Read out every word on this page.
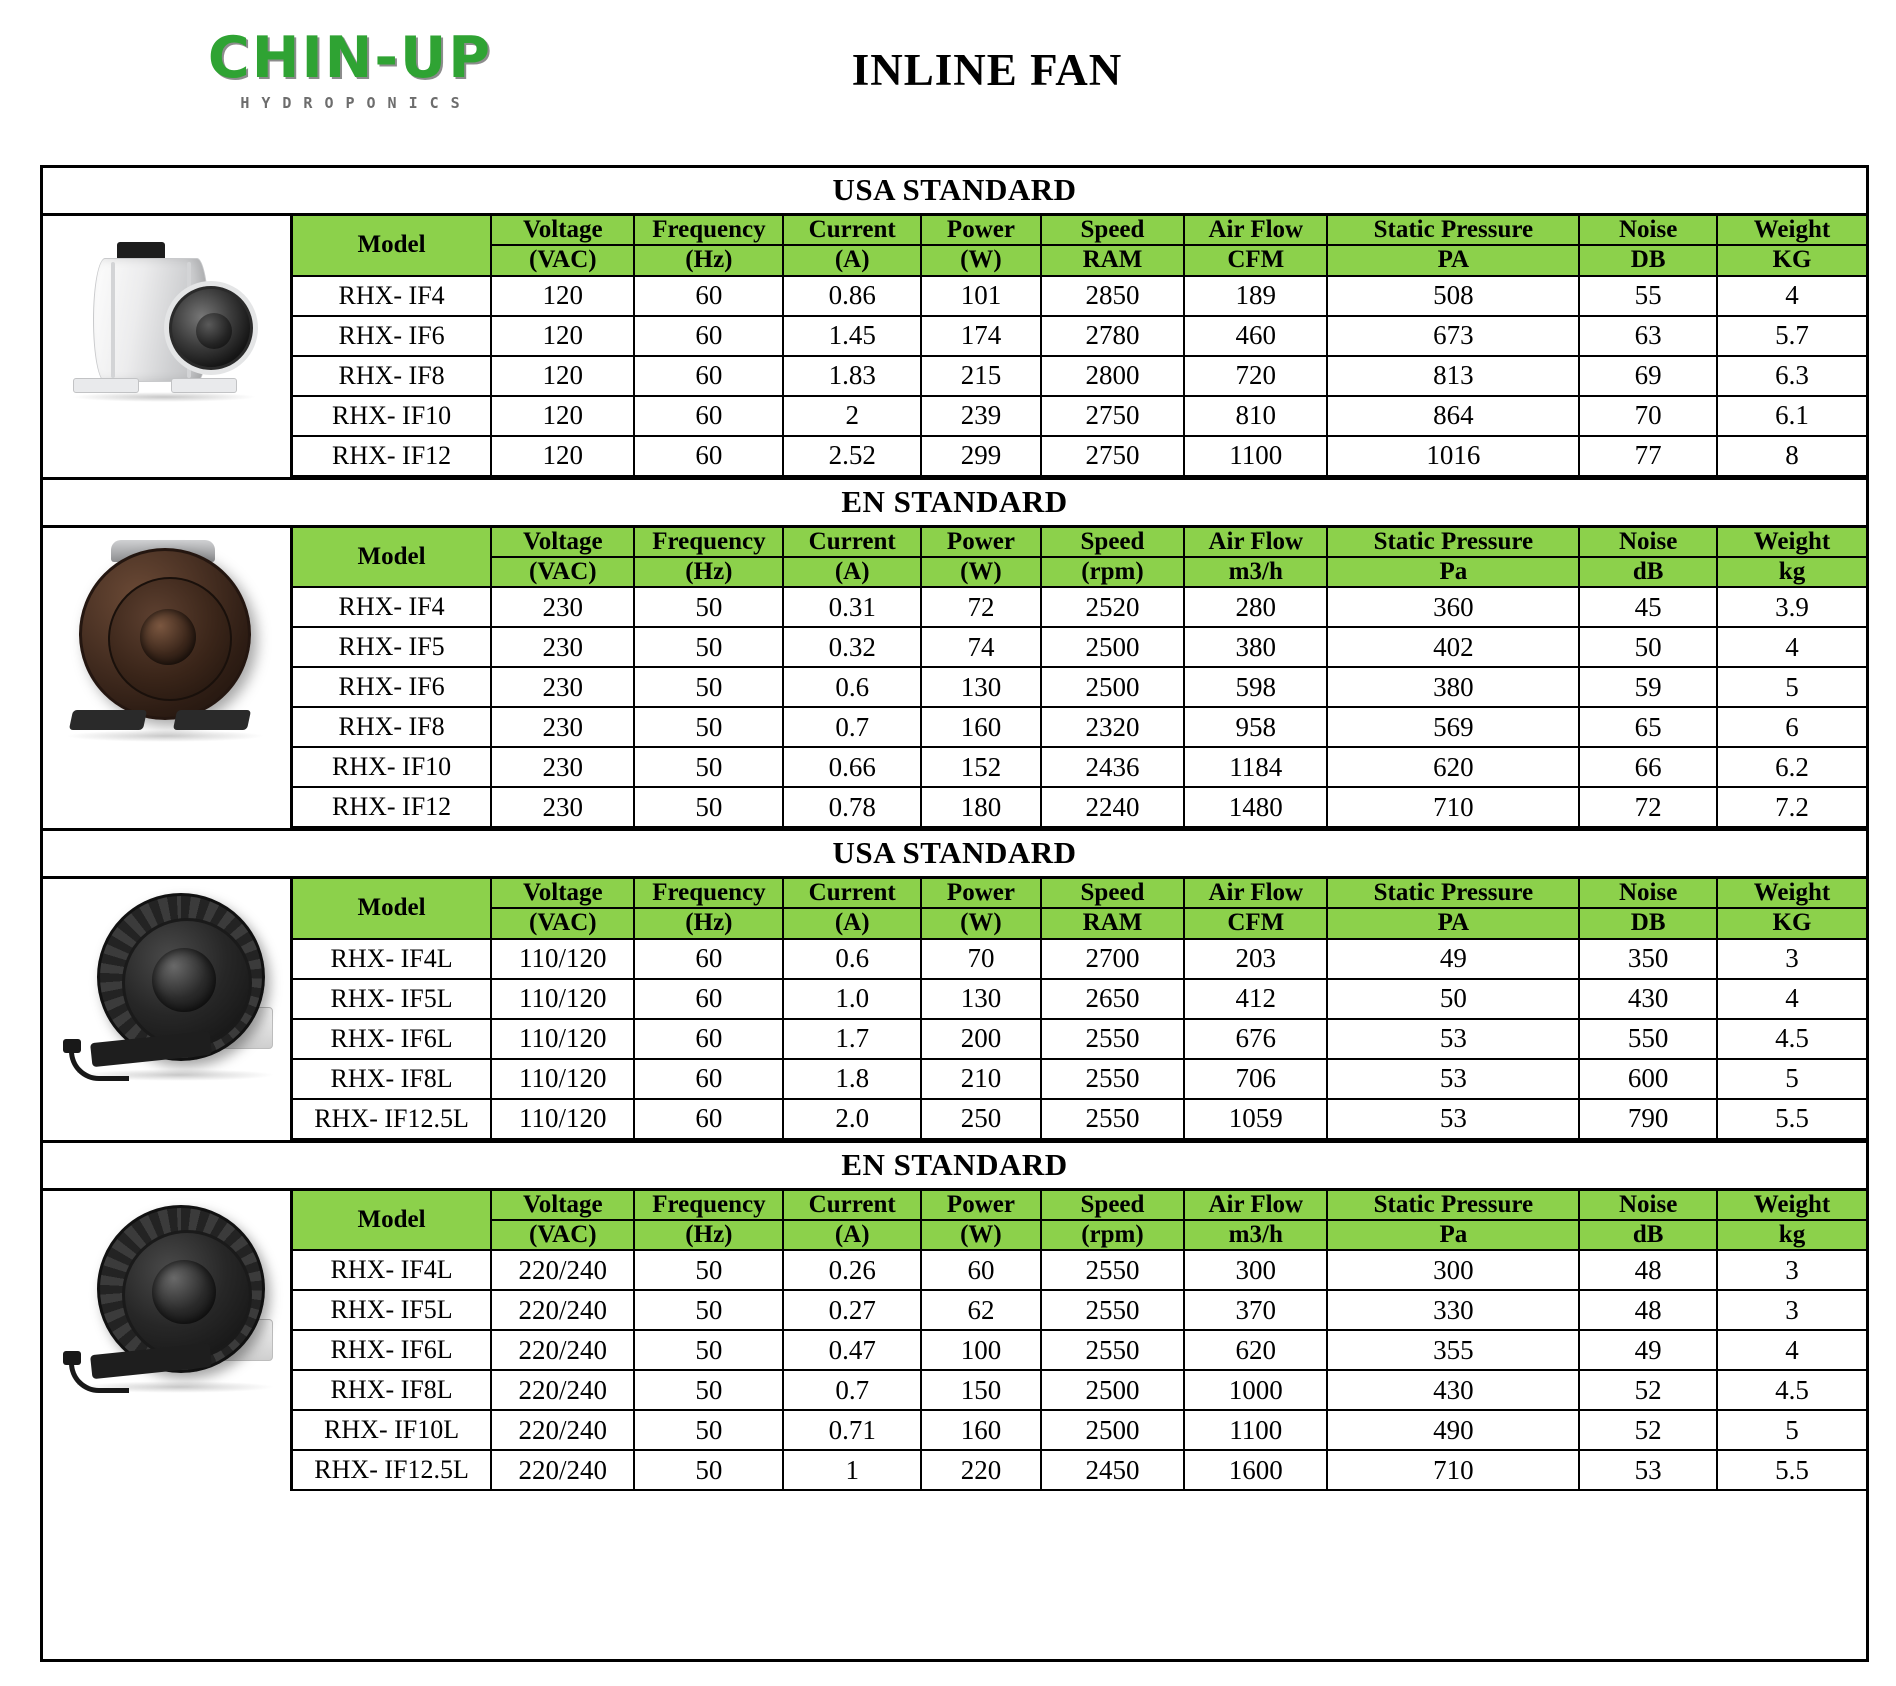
CHIN-UP
HYDROPONICS
INLINE FAN
USA STANDARD
Model	Voltage	Frequency	Current	Power	Speed	Air Flow	Static Pressure	Noise	Weight
	(VAC)	(Hz)	(A)	(W)	RAM	CFM	PA	DB	KG
RHX- IF4	120	60	0.86	101	2850	189	508	55	4
RHX- IF6	120	60	1.45	174	2780	460	673	63	5.7
RHX- IF8	120	60	1.83	215	2800	720	813	69	6.3
RHX- IF10	120	60	2	239	2750	810	864	70	6.1
RHX- IF12	120	60	2.52	299	2750	1100	1016	77	8
EN STANDARD
Model	Voltage	Frequency	Current	Power	Speed	Air Flow	Static Pressure	Noise	Weight
	(VAC)	(Hz)	(A)	(W)	(rpm)	m3/h	Pa	dB	kg
RHX- IF4	230	50	0.31	72	2520	280	360	45	3.9
RHX- IF5	230	50	0.32	74	2500	380	402	50	4
RHX- IF6	230	50	0.6	130	2500	598	380	59	5
RHX- IF8	230	50	0.7	160	2320	958	569	65	6
RHX- IF10	230	50	0.66	152	2436	1184	620	66	6.2
RHX- IF12	230	50	0.78	180	2240	1480	710	72	7.2
USA STANDARD
Model	Voltage	Frequency	Current	Power	Speed	Air Flow	Static Pressure	Noise	Weight
	(VAC)	(Hz)	(A)	(W)	RAM	CFM	PA	DB	KG
RHX- IF4L	110/120	60	0.6	70	2700	203	49	350	3
RHX- IF5L	110/120	60	1.0	130	2650	412	50	430	4
RHX- IF6L	110/120	60	1.7	200	2550	676	53	550	4.5
RHX- IF8L	110/120	60	1.8	210	2550	706	53	600	5
RHX- IF12.5L	110/120	60	2.0	250	2550	1059	53	790	5.5
EN STANDARD
Model	Voltage	Frequency	Current	Power	Speed	Air Flow	Static Pressure	Noise	Weight
	(VAC)	(Hz)	(A)	(W)	(rpm)	m3/h	Pa	dB	kg
RHX- IF4L	220/240	50	0.26	60	2550	300	300	48	3
RHX- IF5L	220/240	50	0.27	62	2550	370	330	48	3
RHX- IF6L	220/240	50	0.47	100	2550	620	355	49	4
RHX- IF8L	220/240	50	0.7	150	2500	1000	430	52	4.5
RHX- IF10L	220/240	50	0.71	160	2500	1100	490	52	5
RHX- IF12.5L	220/240	50	1	220	2450	1600	710	53	5.5
